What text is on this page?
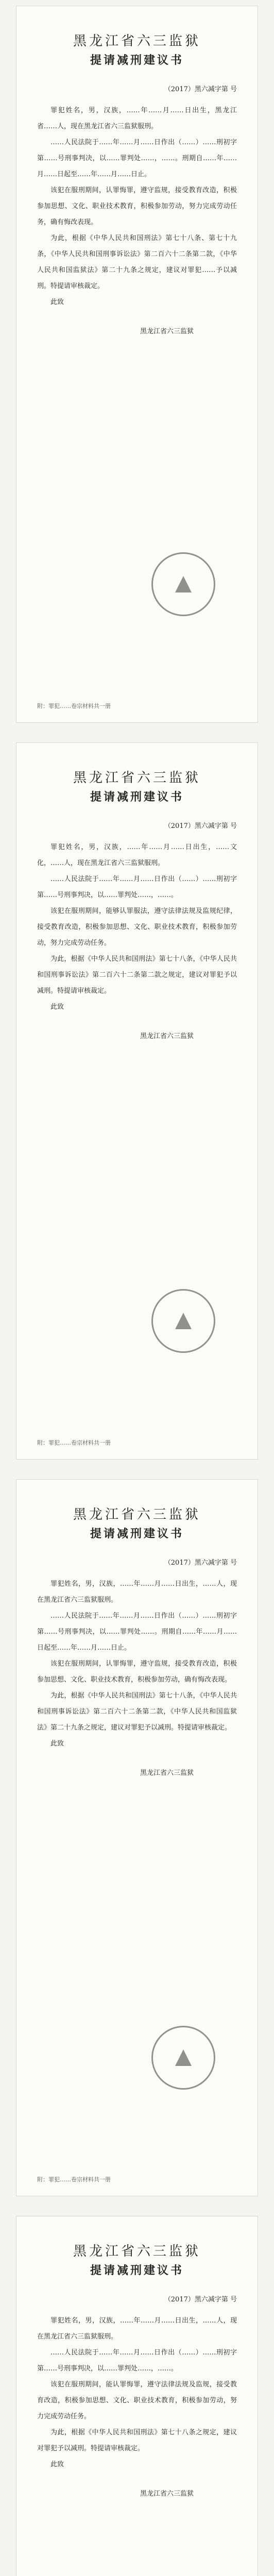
黑龙江省六三监狱
提请减刑建议书
（2017）黑六减字第 号
罪犯姓名，男，汉族，……年……月……日出生，黑龙江省……人，现在黑龙江省六三监狱服刑。
……人民法院于……年……月……日作出（……）……刑初字第……号刑事判决，以……罪判处……，……。刑期自……年……月……日起至……年……月……日止。
该犯在服刑期间，认罪悔罪，遵守监规，接受教育改造，积极参加思想、文化、职业技术教育，积极参加劳动，努力完成劳动任务，确有悔改表现。
为此，根据《中华人民共和国刑法》第七十八条、第七十九条，《中华人民共和国刑事诉讼法》第二百六十二条第二款，《中华人民共和国监狱法》第二十九条之规定，建议对罪犯……予以减刑。特提请审核裁定。
此致
黑龙江省六三监狱
附：罪犯……卷宗材料共一册
黑龙江省六三监狱
提请减刑建议书
（2017）黑六减字第 号
罪犯姓名，男，汉族，……年……月……日出生，……文化，……人，现在黑龙江省六三监狱服刑。
……人民法院于……年……月……日作出（……）……刑初字第……号刑事判决，以……罪判处……，……。
该犯在服刑期间，能够认罪服法，遵守法律法规及监规纪律，接受教育改造，积极参加思想、文化、职业技术教育，积极参加劳动，努力完成劳动任务。
为此，根据《中华人民共和国刑法》第七十八条，《中华人民共和国刑事诉讼法》第二百六十二条第二款之规定，建议对罪犯予以减刑。特提请审核裁定。
此致
黑龙江省六三监狱
附：罪犯……卷宗材料共一册
黑龙江省六三监狱
提请减刑建议书
（2017）黑六减字第 号
罪犯姓名，男，汉族，……年……月……日出生，……人，现在黑龙江省六三监狱服刑。
……人民法院于……年……月……日作出（……）……刑初字第……号刑事判决，以……罪判处……。刑期自……年……月……日起至……年……月……日止。
该犯在服刑期间，认罪悔罪，遵守监规，接受教育改造，积极参加思想、文化、职业技术教育，积极参加劳动，确有悔改表现。
为此，根据《中华人民共和国刑法》第七十八条，《中华人民共和国刑事诉讼法》第二百六十二条第二款，《中华人民共和国监狱法》第二十九条之规定，建议对罪犯予以减刑。特提请审核裁定。
此致
黑龙江省六三监狱
附：罪犯……卷宗材料共一册
黑龙江省六三监狱
提请减刑建议书
（2017）黑六减字第 号
罪犯姓名，男，汉族，……年……月……日出生，……人，现在黑龙江省六三监狱服刑。
……人民法院于……年……月……日作出（……）……刑初字第……号刑事判决，以……罪判处……，……。
该犯在服刑期间，能认罪悔罪，遵守法律法规及监规，接受教育改造，积极参加思想、文化、职业技术教育，积极参加劳动，努力完成劳动任务。
为此，根据《中华人民共和国刑法》第七十八条之规定，建议对罪犯予以减刑。特提请审核裁定。
此致
黑龙江省六三监狱
